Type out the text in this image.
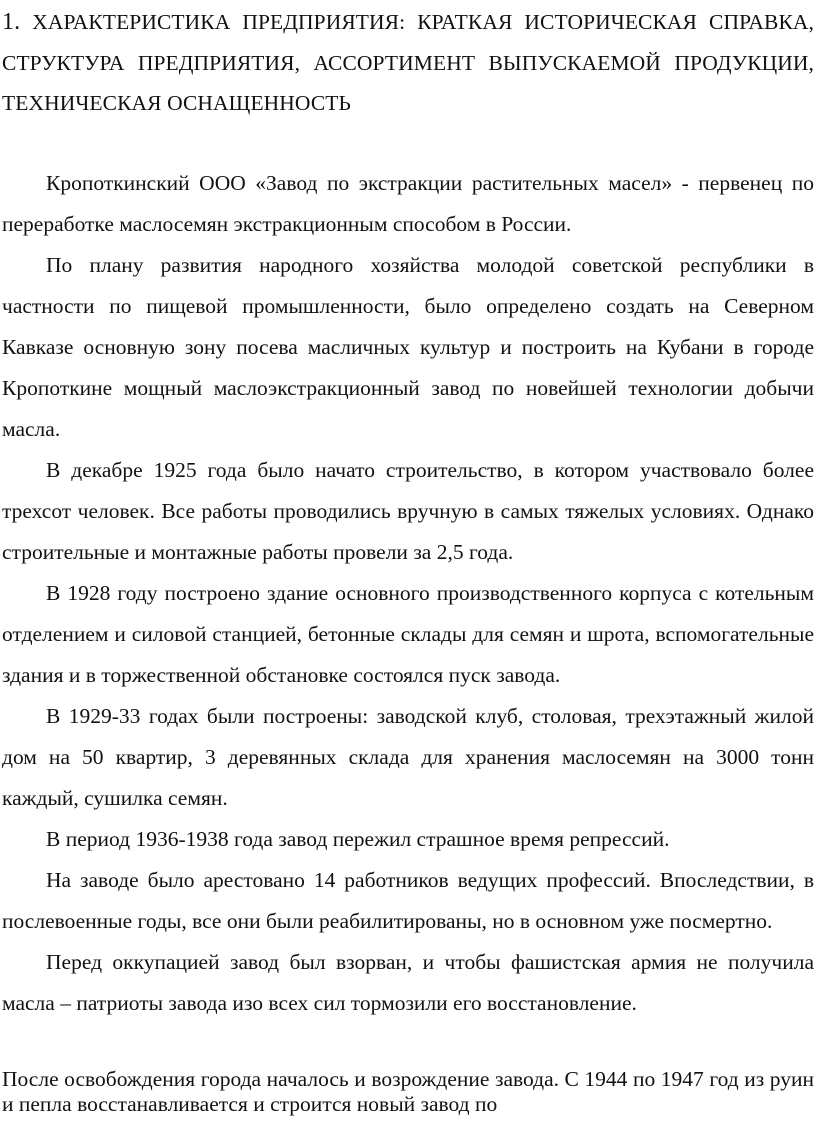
1. ХАРАКТЕРИСТИКА ПРЕДПРИЯТИЯ: КРАТКАЯ ИСТОРИЧЕСКАЯ СПРАВКА, СТРУКТУРА ПРЕДПРИЯТИЯ, АССОРТИМЕНТ ВЫПУСКАЕМОЙ ПРОДУКЦИИ, ТЕХНИЧЕСКАЯ ОСНАЩЕННОСТЬ

Кропоткинский ООО «Завод по экстракции растительных масел» - первенец по переработке маслосемян экстракционным способом в России.

По плану развития народного хозяйства молодой советской республики в частности по пищевой промышленности, было определено создать на Северном Кавказе основную зону посева масличных культур и построить на Кубани в городе Кропоткине мощный маслоэкстракционный завод по новейшей технологии добычи масла.

В декабре 1925 года было начато строительство, в котором участвовало более трехсот человек. Все работы проводились вручную в самых тяжелых условиях. Однако строительные и монтажные работы провели за 2,5 года.

В 1928 году построено здание основного производственного корпуса с котельным отделением и силовой станцией, бетонные склады для семян и шрота, вспомогательные здания и в торжественной обстановке состоялся пуск завода.

В 1929-33 годах были построены: заводской клуб, столовая, трехэтажный жилой дом на 50 квартир, 3 деревянных склада для хранения маслосемян на 3000 тонн каждый, сушилка семян.

В период 1936-1938 года завод пережил страшное время репрессий.

На заводе было арестовано 14 работников ведущих профессий. Впоследствии, в послевоенные годы, все они были реабилитированы, но в основном уже посмертно.

Перед оккупацией завод был взорван, и чтобы фашистская армия не получила масла – патриоты завода изо всех сил тормозили его восстановление.

После освобождения города началось и возрождение завода. С 1944 по 1947 год из руин и пепла восстанавливается и строится новый завод по
